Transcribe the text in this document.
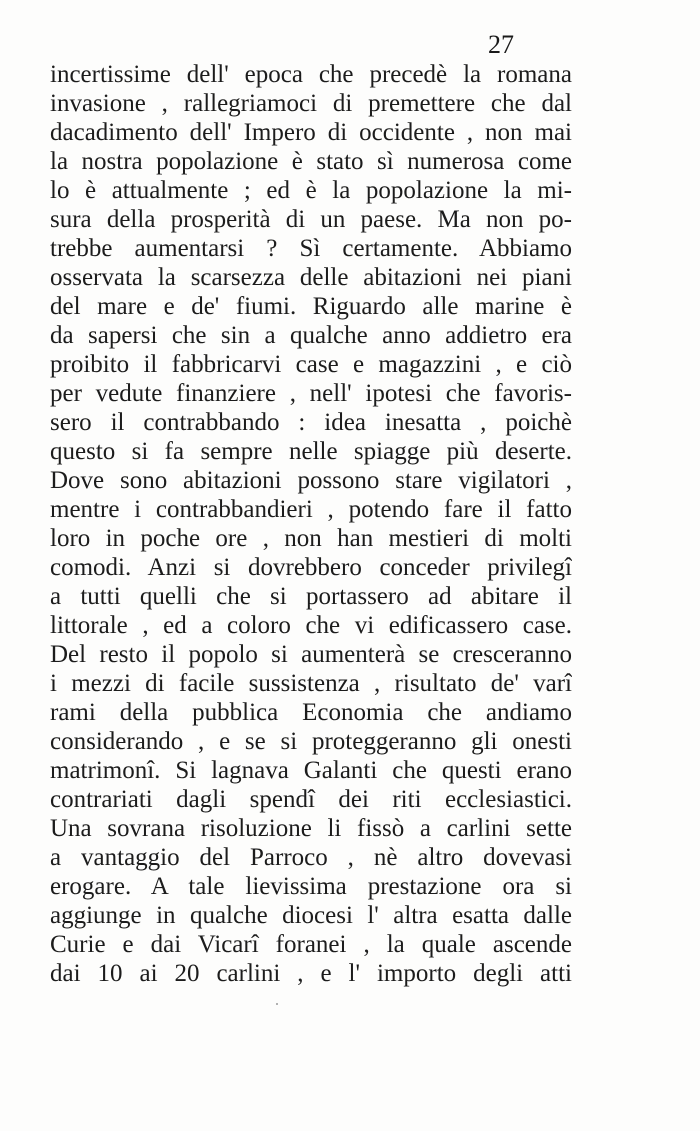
27
incertissime dell' epoca che precedè la romana
invasione , rallegriamoci di premettere che dal
dacadimento dell' Impero di occidente , non mai
la nostra popolazione è stato sì numerosa come
lo è attualmente ; ed è la popolazione la mi-
sura della prosperità di un paese. Ma non po-
trebbe aumentarsi ? Sì certamente. Abbiamo
osservata la scarsezza delle abitazioni nei piani
del mare e de' fiumi. Riguardo alle marine è
da sapersi che sin a qualche anno addietro era
proibito il fabbricarvi case e magazzini , e ciò
per vedute finanziere , nell' ipotesi che favoris-
sero il contrabbando : idea inesatta , poichè
questo si fa sempre nelle spiagge più deserte.
Dove sono abitazioni possono stare vigilatori ,
mentre i contrabbandieri , potendo fare il fatto
loro in poche ore , non han mestieri di molti
comodi. Anzi si dovrebbero conceder privilegî
a tutti quelli che si portassero ad abitare il
littorale , ed a coloro che vi edificassero case.
Del resto il popolo si aumenterà se cresceranno
i mezzi di facile sussistenza , risultato de' varî
rami della pubblica Economia che andiamo
considerando , e se si proteggeranno gli onesti
matrimonî. Si lagnava Galanti che questi erano
contrariati dagli spendî dei riti ecclesiastici.
Una sovrana risoluzione li fissò a carlini sette
a vantaggio del Parroco , nè altro dovevasi
erogare. A tale lievissima prestazione ora si
aggiunge in qualche diocesi l' altra esatta dalle
Curie e dai Vicarî foranei , la quale ascende
dai 10 ai 20 carlini , e l' importo degli atti
